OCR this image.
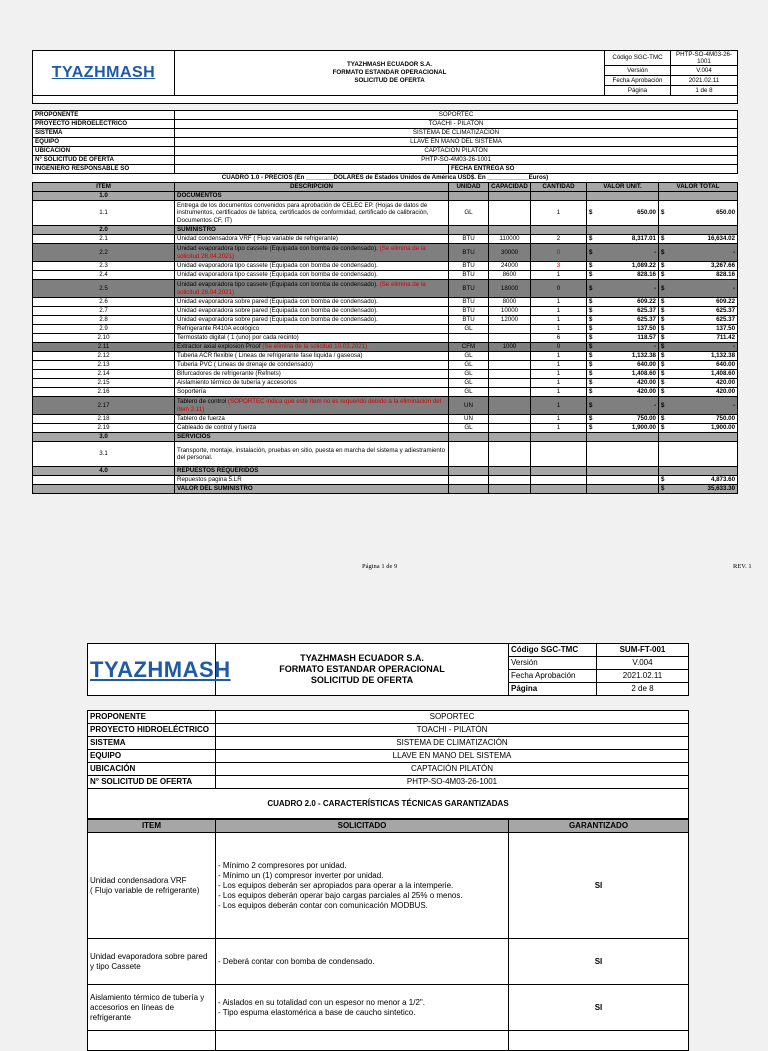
TYAZHMASH	TYAZHMASH ECUADOR S.A.
FORMATO ESTANDAR OPERACIONAL
SOLICITUD DE OFERTA	Código SGC-TMC	PHTP-SO-4M03-26-1001
		Versión	V.004
		Fecha Aprobación	2021.02.11
		Página	1 de 8

PROPONENTE	SOPORTEC	
PROYECTO HIDROELÉCTRICO	TOACHI - PILATÓN	
SISTEMA	SISTEMA DE CLIMATIZACIÓN	
EQUIPO	LLAVE EN MANO DEL SISTEMA	
UBICACIÓN	CAPTACIÓN PILATÓN	
N° SOLICITUD DE OFERTA	PHTP-SO-4M03-26-1001	
INGENIERO RESPONSABLE SO		FECHA ENTREGA SO
CUADRO 1.0 - PRECIOS (En ________DÓLARES de Estados Unidos de América USD$. En ____________Euros)						
ITEM	DESCRIPCIÓN	UNIDAD	CAPACIDAD	CANTIDAD	VALOR UNIT.	VALOR TOTAL
1.0	DOCUMENTOS					
1.1	Entrega de los documentos convenidos para aprobación de CELEC EP. (Hojas de datos de instrumentos, certificados de fabrica, certificados de conformidad, certificado de calibración, Documentos CF, IT)	GL		1	$ 650.00	$ 650.00

2.0	SUMINISTRO					
2.1	Unidad condensadora VRF ( Flujo variable de refrigerante)	BTU	110000	2	$ 8,317.01	$ 16,634.02

2.2	Unidad evaporadora tipo cassete (Equipada con bomba de condensado). (Se elimina de la solicitud 28.04.2021)	BTU	30000	0	$ -	$ -

2.3	Unidad evaporadora tipo cassete (Equipada con bomba de condensado).	BTU	24000	3	$ 1,089.22	$ 3,267.66

2.4	Unidad evaporadora tipo cassete (Equipada con bomba de condensado).	BTU	8600	1	$ 828.16	$ 828.16

2.5	Unidad evaporadora tipo cassete (Equipada con bomba de condensado). (Se elimina de la solicitud 28.04.2021)	BTU	18000	0	$ -	$ -

2.6	Unidad evaporadora sobre pared (Equipada con bomba de condensado).	BTU	8000	1	$ 609.22	$ 609.22

2.7	Unidad evaporadora sobre pared (Equipada con bomba de condensado).	BTU	10000	1	$ 625.37	$ 625.37

2.8	Unidad evaporadora sobre pared (Equipada con bomba de condensado).	BTU	12000	1	$ 625.37	$ 625.37

2.9	Refrigerante R410A ecológico	GL		1	$ 137.50	$ 137.50

2.10	Termostato digital ( 1 (uno) por cada recinto)			6	$ 118.57	$ 711.42

2.11	Extractor axial explosion Proof (Se elimina de la solicitud 10.03.2021)	CFM	1000	0	$ -	$ -

2.12	Tuberia ACR flexible ( Lineas de refrigerante fase liquida / gaseosa)	GL		1	$ 1,132.38	$ 1,132.38

2.13	Tuberia PVC ( Lineas de drenaje de condensado)	GL		1	$ 640.00	$ 640.00

2.14	Bifurcadores de refrigerante (Refnets)	GL		1	$ 1,408.60	$ 1,408.60

2.15	Aislamiento térmico de tubería y accesorios	GL		1	$ 420.00	$ 420.00

2.16	Soportería	GL		1	$ 420.00	$ 420.00

2.17	Tablero de control (SOPORTEC indica que este ítem no es requerido debido a la eliminación del ítem 2.11)	UN		1	$ -	$ -

2.18	Tablero de fuerza	UN		1	$ 750.00	$ 750.00

2.19	Cableado de control y fuerza	GL		1	$ 1,900.00	$ 1,900.00

3.0	SERVICIOS					
3.1	Transporte, montaje, instalación, pruebas en sitio, puesta en marcha del sistema y adiestramiento del personal.					
4.0	REPUESTOS REQUERIDOS					
	Repuestos pagina 5.LR					$ 4,873.60

	VALOR DEL SUMINISTRO					$ 35,633.30
Página 1 de 9	REV. 1
TYAZHMASH	TYAZHMASH ECUADOR S.A.
FORMATO ESTANDAR OPERACIONAL
SOLICITUD DE OFERTA	Código SGC-TMC	SUM-FT-001
		Versión	V.004
		Fecha Aprobación	2021.02.11
		Página	2 de 8
PROPONENTE	SOPORTEC
PROYECTO HIDROELÉCTRICO	TOACHI - PILATÓN
SISTEMA	SISTEMA DE CLIMATIZACIÓN
EQUIPO	LLAVE EN MANO DEL SISTEMA
UBICACIÓN	CAPTACIÓN PILATÓN
N° SOLICITUD DE OFERTA	PHTP-SO-4M03-26-1001
CUADRO 2.0 - CARACTERÍSTICAS TÉCNICAS GARANTIZADAS	
ITEM	SOLICITADO	GARANTIZADO
Unidad condensadora VRF
( Flujo variable de refrigerante)	- Mínimo 2 compresores por unidad.
- Mínimo un (1) compresor inverter por unidad.
- Los equipos deberán ser apropiados para operar a la intemperie.
- Los equipos deberán operar bajo cargas parciales al 25% o menos.
- Los equipos deberán contar con comunicación MODBUS.	SI
Unidad evaporadora sobre pared y tipo Cassete	- Deberá contar con bomba de condensado.	SI
Aislamiento térmico de tubería y accesorios en líneas de refrigerante	- Aislados en su totalidad con un espesor no menor a 1/2".
- Tipo espuma elastomérica a base de caucho sintetico.	SI
